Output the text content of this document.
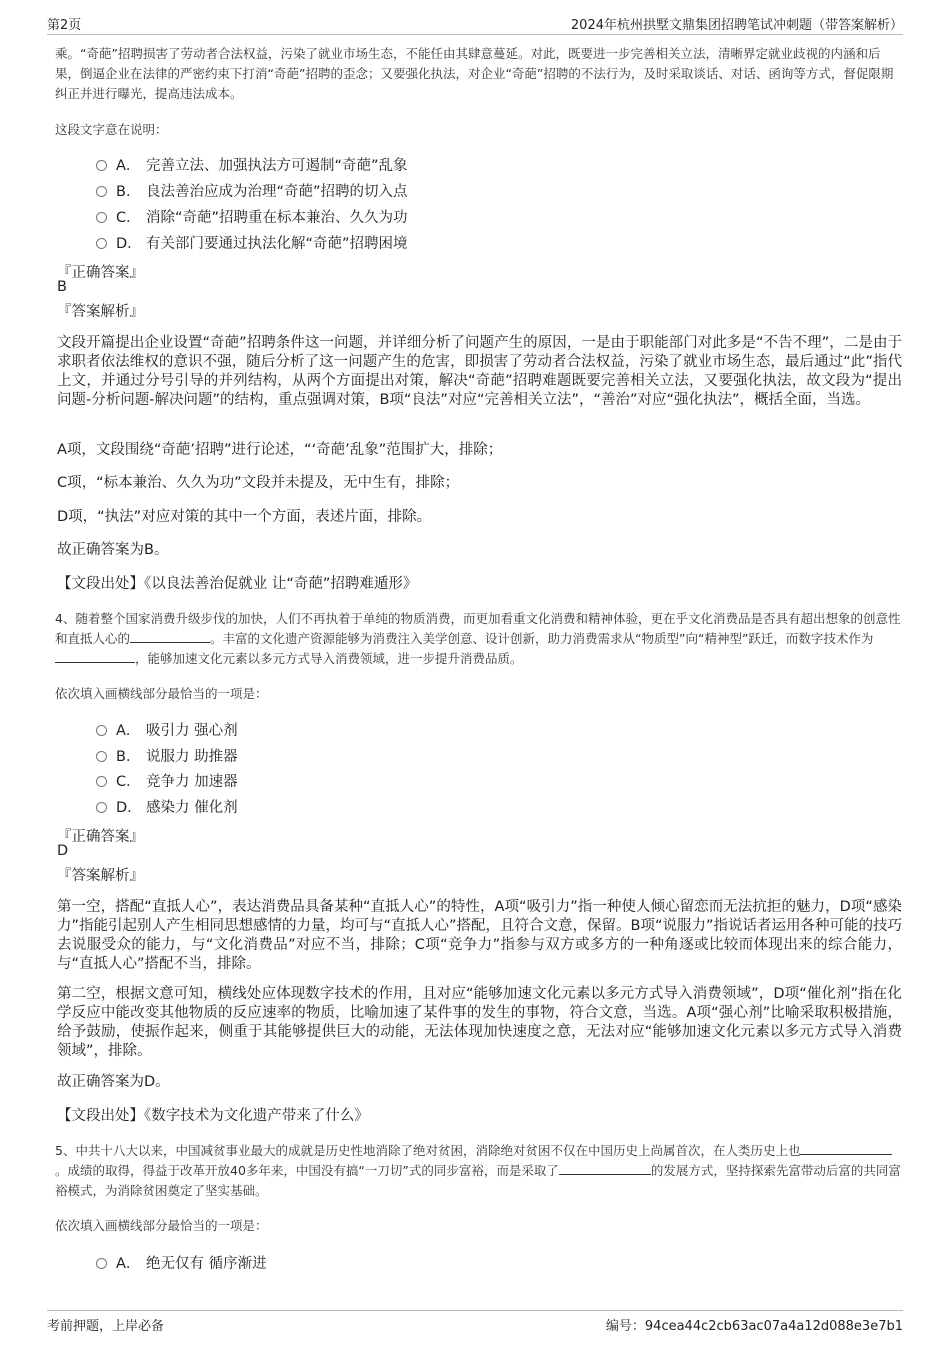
第2页	2024年杭州拱墅文鼎集团招聘笔试冲刺题（带答案解析）
乘。“奇葩”招聘损害了劳动者合法权益，污染了就业市场生态，不能任由其肆意蔓延。对此，既要进一步完善相关立法，清晰界定就业歧视的内涵和后果，倒逼企业在法律的严密约束下打消“奇葩”招聘的歪念；又要强化执法，对企业“奇葩”招聘的不法行为，及时采取谈话、对话、函询等方式，督促限期纠正并进行曝光，提高违法成本。
这段文字意在说明：
A． 完善立法、加强执法方可遏制“奇葩”乱象
B． 良法善治应成为治理“奇葩”招聘的切入点
C． 消除“奇葩”招聘重在标本兼治、久久为功
D． 有关部门要通过执法化解“奇葩”招聘困境
『正确答案』
B
『答案解析』
文段开篇提出企业设置“奇葩”招聘条件这一问题，并详细分析了问题产生的原因，一是由于职能部门对此多是“不告不理”，二是由于求职者依法维权的意识不强，随后分析了这一问题产生的危害，即损害了劳动者合法权益，污染了就业市场生态，最后通过“此”指代上文，并通过分号引导的并列结构，从两个方面提出对策，解决“奇葩”招聘难题既要完善相关立法，又要强化执法，故文段为“提出问题-分析问题-解决问题”的结构，重点强调对策，B项“良法”对应“完善相关立法”，“善治”对应“强化执法”，概括全面，当选。
A项，文段围绕“奇葩’招聘”进行论述，“‘奇葩’乱象”范围扩大，排除；
C项，“标本兼治、久久为功”文段并未提及，无中生有，排除；
D项，“执法”对应对策的其中一个方面，表述片面，排除。
故正确答案为B。
【文段出处】《以良法善治促就业 让“奇葩”招聘难遁形》
4、随着整个国家消费升级步伐的加快，人们不再执着于单纯的物质消费，而更加看重文化消费和精神体验，更在乎文化消费品是否具有超出想象的创意性和直抵人心的	。丰富的文化遗产资源能够为消费注入美学创意、设计创新，助力消费需求从“物质型”向“精神型”跃迁，而数字技术作为，能够加速文化元素以多元方式导入消费领域，进一步提升消费品质。
依次填入画横线部分最恰当的一项是：
A． 吸引力 强心剂
B． 说服力 助推器
C． 竞争力 加速器
D． 感染力 催化剂
『正确答案』
D
『答案解析』
第一空，搭配“直抵人心”，表达消费品具备某种“直抵人心”的特性，A项“吸引力”指一种使人倾心留恋而无法抗拒的魅力，D项“感染力”指能引起别人产生相同思想感情的力量，均可与“直抵人心”搭配，且符合文意，保留。B项“说服力”指说话者运用各种可能的技巧去说服受众的能力，与“文化消费品”对应不当，排除；C项“竞争力”指参与双方或多方的一种角逐或比较而体现出来的综合能力，与“直抵人心”搭配不当，排除。
第二空，根据文意可知，横线处应体现数字技术的作用，且对应“能够加速文化元素以多元方式导入消费领域”，D项“催化剂”指在化学反应中能改变其他物质的反应速率的物质，比喻加速了某件事的发生的事物，符合文意，当选。A项“强心剂”比喻采取积极措施，给予鼓励，使振作起来，侧重于其能够提供巨大的动能，无法体现加快速度之意，无法对应“能够加速文化元素以多元方式导入消费领域”，排除。
故正确答案为D。
【文段出处】《数字技术为文化遗产带来了什么》
5、中共十八大以来，中国减贫事业最大的成就是历史性地消除了绝对贫困，消除绝对贫困不仅在中国历史上尚属首次，在人类历史上也。成绩的取得，得益于改革开放40多年来，中国没有搞“一刀切”式的同步富裕，而是采取了	的发展方式，坚持探索先富带动后富的共同富裕模式，为消除贫困奠定了坚实基础。
依次填入画横线部分最恰当的一项是：
A． 绝无仅有 循序渐进
考前押题，上岸必备	编号：94cea44c2cb63ac07a4a12d088e3e7b1
